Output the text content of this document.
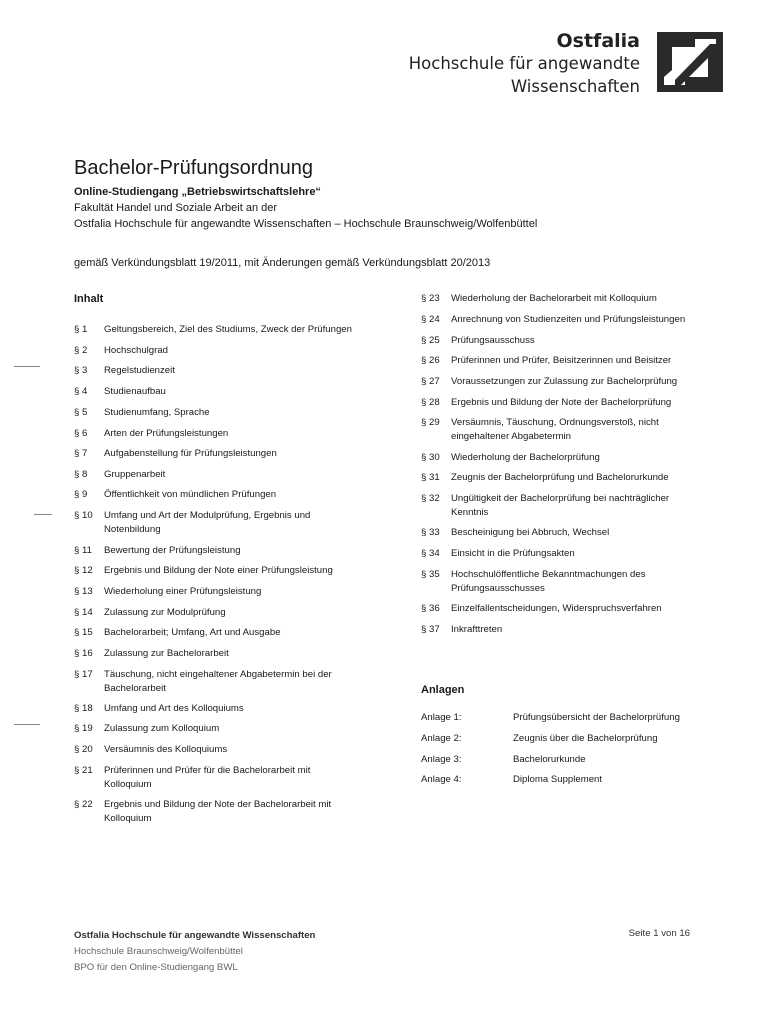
Ostfalia
Hochschule für angewandte
Wissenschaften
Bachelor-Prüfungsordnung
Online-Studiengang „Betriebswirtschaftslehre“
Fakultät Handel und Soziale Arbeit an der
Ostfalia Hochschule für angewandte Wissenschaften – Hochschule Braunschweig/Wolfenbüttel
gemäß Verkündungsblatt 19/2011, mit Änderungen gemäß Verkündungsblatt 20/2013
Inhalt
§ 1 Geltungsbereich, Ziel des Studiums, Zweck der Prüfungen
§ 2 Hochschulgrad
§ 3 Regelstudienzeit
§ 4 Studienaufbau
§ 5 Studienumfang, Sprache
§ 6 Arten der Prüfungsleistungen
§ 7 Aufgabenstellung für Prüfungsleistungen
§ 8 Gruppenarbeit
§ 9 Öffentlichkeit von mündlichen Prüfungen
§ 10 Umfang und Art der Modulprüfung, Ergebnis und Notenbildung
§ 11 Bewertung der Prüfungsleistung
§ 12 Ergebnis und Bildung der Note einer Prüfungsleistung
§ 13 Wiederholung einer Prüfungsleistung
§ 14 Zulassung zur Modulprüfung
§ 15 Bachelorarbeit; Umfang, Art und Ausgabe
§ 16 Zulassung zur Bachelorarbeit
§ 17 Täuschung, nicht eingehaltener Abgabetermin bei der Bachelorarbeit
§ 18 Umfang und Art des Kolloquiums
§ 19 Zulassung zum Kolloquium
§ 20 Versäumnis des Kolloquiums
§ 21 Prüferinnen und Prüfer für die Bachelorarbeit mit Kolloquium
§ 22 Ergebnis und Bildung der Note der Bachelorarbeit mit Kolloquium
§ 23 Wiederholung der Bachelorarbeit mit Kolloquium
§ 24 Anrechnung von Studienzeiten und Prüfungsleistungen
§ 25 Prüfungsausschuss
§ 26 Prüferinnen und Prüfer, Beisitzerinnen und Beisitzer
§ 27 Voraussetzungen zur Zulassung zur Bachelorprüfung
§ 28 Ergebnis und Bildung der Note der Bachelorprüfung
§ 29 Versäumnis, Täuschung, Ordnungsverstoß, nicht eingehaltener Abgabetermin
§ 30 Wiederholung der Bachelorprüfung
§ 31 Zeugnis der Bachelorprüfung und Bachelorurkunde
§ 32 Ungültigkeit der Bachelorprüfung bei nachträglicher Kenntnis
§ 33 Bescheinigung bei Abbruch, Wechsel
§ 34 Einsicht in die Prüfungsakten
§ 35 Hochschulöffentliche Bekanntmachungen des Prüfungsausschusses
§ 36 Einzelfallentscheidungen, Widerspruchsverfahren
§ 37 Inkrafttreten
Anlagen
Anlage 1:	Prüfungsübersicht der Bachelorprüfung
Anlage 2:	Zeugnis über die Bachelorprüfung
Anlage 3:	Bachelorurkunde
Anlage 4:	Diploma Supplement
Ostfalia Hochschule für angewandte Wissenschaften
Hochschule Braunschweig/Wolfenbüttel
BPO für den Online-Studiengang BWL
Seite 1 von 16
